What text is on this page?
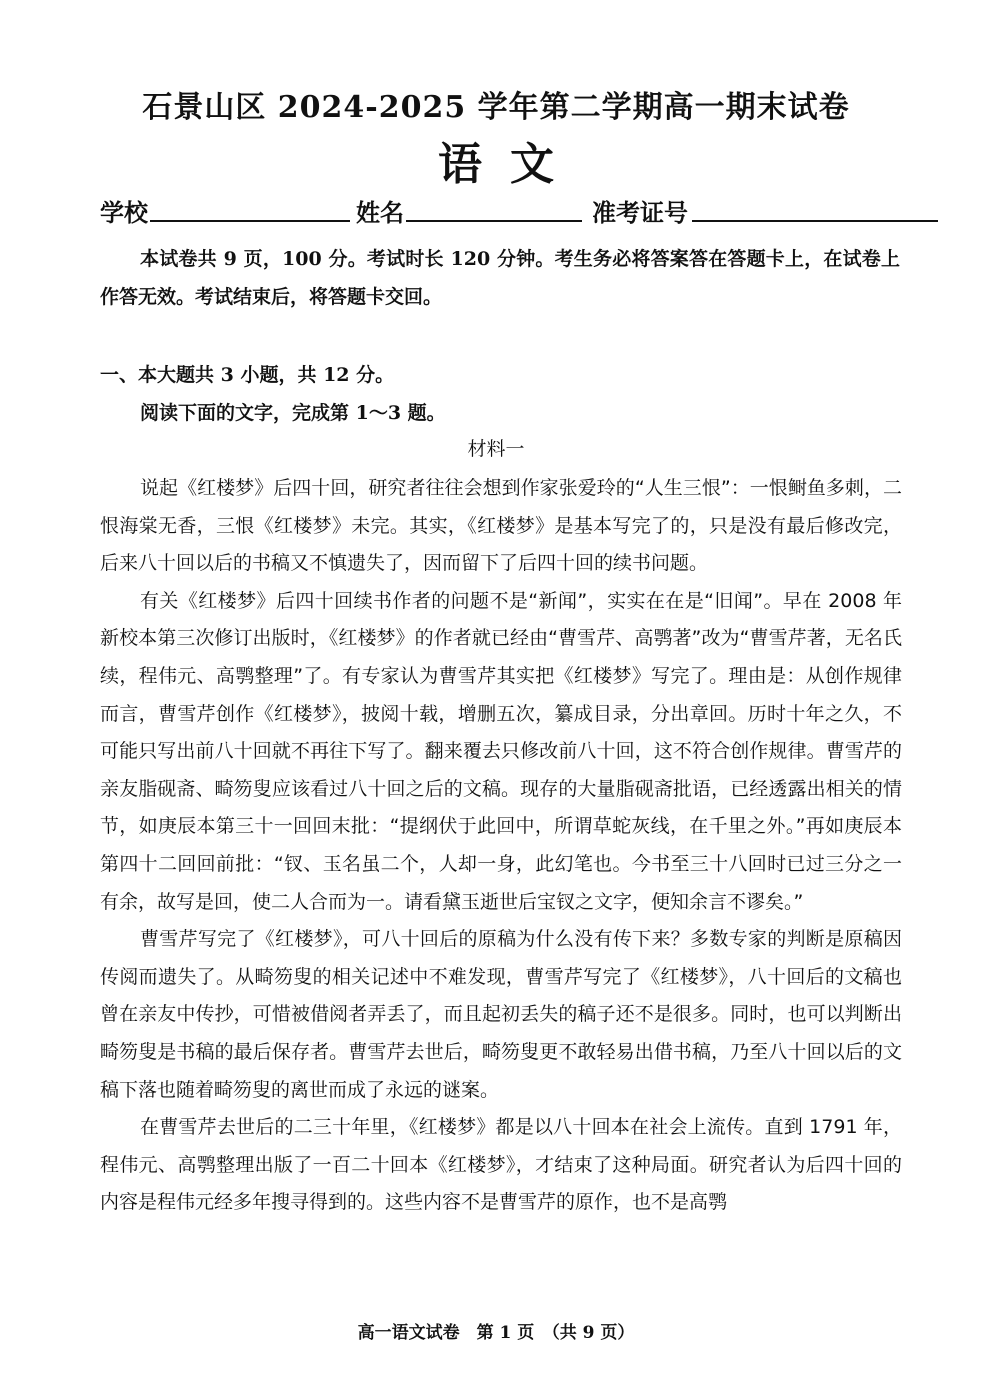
石景山区 2024-2025 学年第二学期高一期末试卷
语文
学校	姓名	准考证号

本试卷共 9 页，100 分。考试时长 120 分钟。考生务必将答案答在答题卡上，在试卷上作答无效。考试结束后，将答题卡交回。

一、本大题共 3 小题，共 12 分。

阅读下面的文字，完成第 1～3 题。

材料一

说起《红楼梦》后四十回，研究者往往会想到作家张爱玲的“人生三恨”：一恨鲥鱼多刺，二恨海棠无香，三恨《红楼梦》未完。其实，《红楼梦》是基本写完了的，只是没有最后修改完，后来八十回以后的书稿又不慎遗失了，因而留下了后四十回的续书问题。

有关《红楼梦》后四十回续书作者的问题不是“新闻”，实实在在是“旧闻”。早在 2008 年新校本第三次修订出版时，《红楼梦》的作者就已经由“曹雪芹、高鹗著”改为“曹雪芹著，无名氏续，程伟元、高鹗整理”了。有专家认为曹雪芹其实把《红楼梦》写完了。理由是：从创作规律而言，曹雪芹创作《红楼梦》，披阅十载，增删五次，纂成目录，分出章回。历时十年之久，不可能只写出前八十回就不再往下写了。翻来覆去只修改前八十回，这不符合创作规律。曹雪芹的亲友脂砚斋、畸笏叟应该看过八十回之后的文稿。现存的大量脂砚斋批语，已经透露出相关的情节，如庚辰本第三十一回回末批：“提纲伏于此回中，所谓草蛇灰线，在千里之外。”再如庚辰本第四十二回回前批：“钗、玉名虽二个，人却一身，此幻笔也。今书至三十八回时已过三分之一有余，故写是回，使二人合而为一。请看黛玉逝世后宝钗之文字，便知余言不谬矣。”

曹雪芹写完了《红楼梦》，可八十回后的原稿为什么没有传下来？多数专家的判断是原稿因传阅而遗失了。从畸笏叟的相关记述中不难发现，曹雪芹写完了《红楼梦》，八十回后的文稿也曾在亲友中传抄，可惜被借阅者弄丢了，而且起初丢失的稿子还不是很多。同时，也可以判断出畸笏叟是书稿的最后保存者。曹雪芹去世后，畸笏叟更不敢轻易出借书稿，乃至八十回以后的文稿下落也随着畸笏叟的离世而成了永远的谜案。

在曹雪芹去世后的二三十年里，《红楼梦》都是以八十回本在社会上流传。直到 1791 年，程伟元、高鹗整理出版了一百二十回本《红楼梦》，才结束了这种局面。研究者认为后四十回的内容是程伟元经多年搜寻得到的。这些内容不是曹雪芹的原作，也不是高鹗

高一语文试卷　第 1 页　（共 9 页）
